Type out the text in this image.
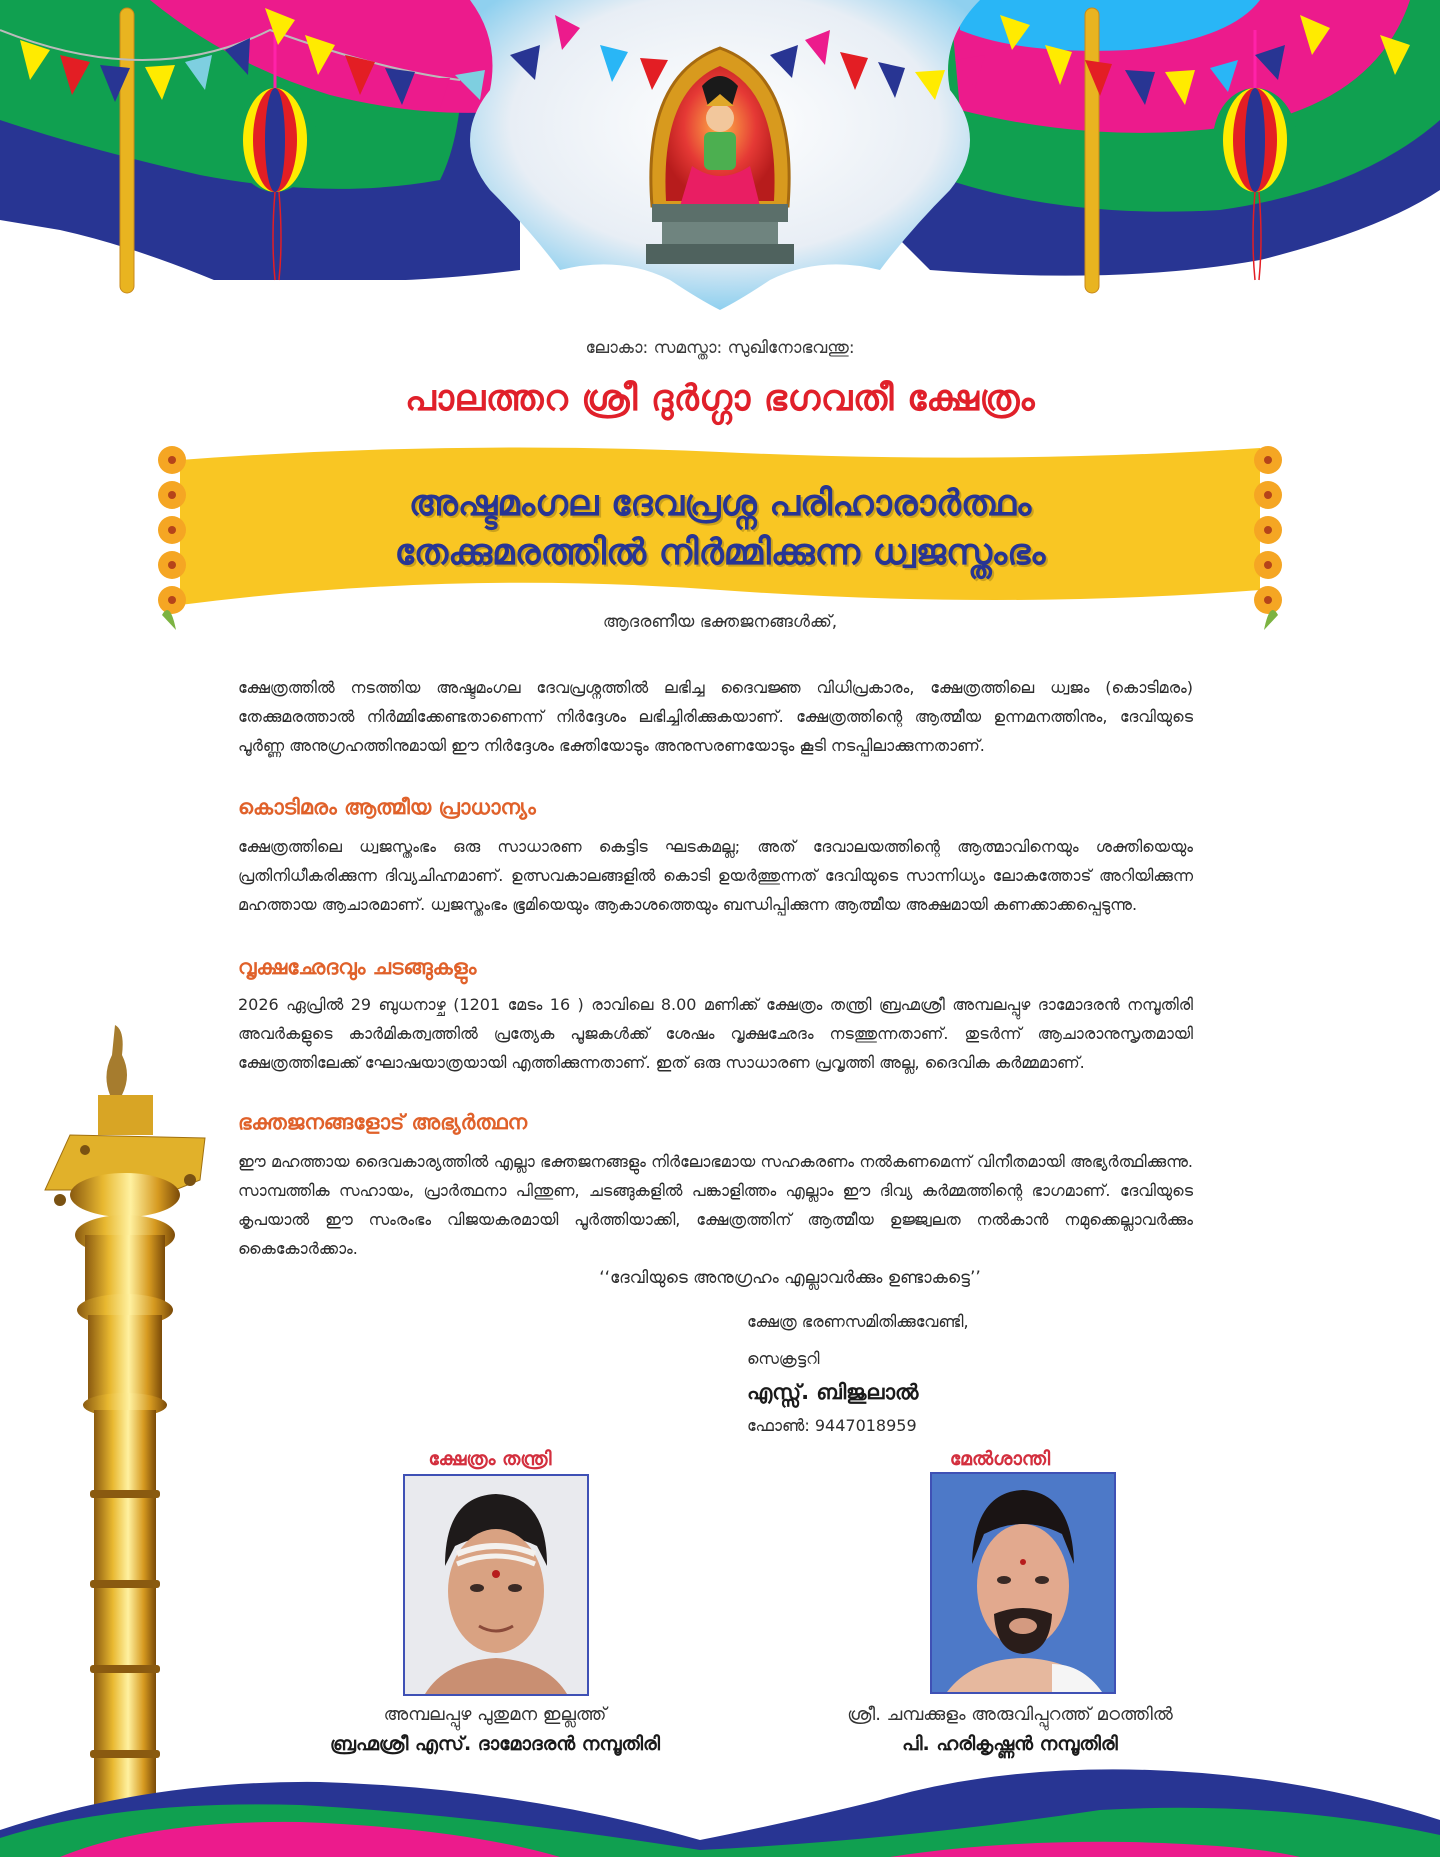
ലോകാ: സമസ്താ: സുഖിനോഭവന്തു:
പാലത്തറ ശ്രീ ദുർഗ്ഗാ ഭഗവതീ ക്ഷേത്രം
അഷ്ടമംഗല ദേവപ്രശ്ന പരിഹാരാർത്ഥം
തേക്കുമരത്തിൽ നിർമ്മിക്കുന്ന ധ്വജസ്തംഭം
ആദരണീയ ഭക്തജനങ്ങൾക്ക്,

ക്ഷേത്രത്തിൽ നടത്തിയ അഷ്ടമംഗല ദേവപ്രശ്നത്തിൽ ലഭിച്ച ദൈവജ്ഞ വിധിപ്രകാരം, ക്ഷേത്രത്തിലെ ധ്വജം (കൊടിമരം) തേക്കുമരത്താൽ നിർമ്മിക്കേണ്ടതാണെന്ന് നിർദ്ദേശം ലഭിച്ചിരിക്കുകയാണ്. ക്ഷേത്രത്തിന്റെ ആത്മീയ ഉന്നമനത്തിനും, ദേവിയുടെ പൂർണ്ണ അനുഗ്രഹത്തിനുമായി ഈ നിർദ്ദേശം ഭക്തിയോടും അനുസരണയോടും കൂടി നടപ്പിലാക്കുന്നതാണ്.

കൊടിമരം ആത്മീയ പ്രാധാന്യം

ക്ഷേത്രത്തിലെ ധ്വജസ്തംഭം ഒരു സാധാരണ കെട്ടിട ഘടകമല്ല; അത് ദേവാലയത്തിന്റെ ആത്മാവിനെയും ശക്തിയെയും പ്രതിനിധീകരിക്കുന്ന ദിവ്യചിഹ്നമാണ്. ഉത്സവകാലങ്ങളിൽ കൊടി ഉയർത്തുന്നത് ദേവിയുടെ സാന്നിധ്യം ലോകത്തോട് അറിയിക്കുന്ന മഹത്തായ ആചാരമാണ്. ധ്വജസ്തംഭം ഭൂമിയെയും ആകാശത്തെയും ബന്ധിപ്പിക്കുന്ന ആത്മീയ അക്ഷമായി കണക്കാക്കപ്പെടുന്നു.

വൃക്ഷഛേദവും ചടങ്ങുകളും

2026 ഏപ്രിൽ 29 ബുധനാഴ്ച (1201 മേടം 16 ) രാവിലെ 8.00 മണിക്ക് ക്ഷേത്രം തന്ത്രി ബ്രഹ്മശ്രീ അമ്പലപ്പുഴ ദാമോദരൻ നമ്പൂതിരി അവർകളുടെ കാർമികത്വത്തിൽ പ്രത്യേക പൂജകൾക്ക് ശേഷം വൃക്ഷഛേദം നടത്തുന്നതാണ്. തുടർന്ന് ആചാരാനുസൃതമായി ക്ഷേത്രത്തിലേക്ക് ഘോഷയാത്രയായി എത്തിക്കുന്നതാണ്. ഇത് ഒരു സാധാരണ പ്രവൃത്തി അല്ല, ദൈവിക കർമ്മമാണ്.

ഭക്തജനങ്ങളോട് അഭ്യർത്ഥന

ഈ മഹത്തായ ദൈവകാര്യത്തിൽ എല്ലാ ഭക്തജനങ്ങളും നിർലോഭമായ സഹകരണം നൽകണമെന്ന് വിനീതമായി അഭ്യർത്ഥിക്കുന്നു. സാമ്പത്തിക സഹായം, പ്രാർത്ഥനാ പിന്തുണ, ചടങ്ങുകളിൽ പങ്കാളിത്തം എല്ലാം ഈ ദിവ്യ കർമ്മത്തിന്റെ ഭാഗമാണ്. ദേവിയുടെ കൃപയാൽ ഈ സംരംഭം വിജയകരമായി പൂർത്തിയാക്കി, ക്ഷേത്രത്തിന് ആത്മീയ ഉജ്ജ്വലത നൽകാൻ നമുക്കെല്ലാവർക്കും കൈകോർക്കാം.

‘‘ദേവിയുടെ അനുഗ്രഹം എല്ലാവർക്കും ഉണ്ടാകട്ടെ’’
ക്ഷേത്ര ഭരണസമിതിക്കുവേണ്ടി,
സെക്രട്ടറി
എസ്സ്. ബിജുലാൽ
ഫോൺ: 9447018959
ക്ഷേത്രം തന്ത്രി
അമ്പലപ്പുഴ പുതുമന ഇല്ലത്ത്
ബ്രഹ്മശ്രീ എസ്. ദാമോദരൻ നമ്പൂതിരി
മേൽശാന്തി
ശ്രീ. ചമ്പക്കുളം അരുവിപ്പുറത്ത് മഠത്തിൽ
പി. ഹരികൃഷ്ണൻ നമ്പൂതിരി
